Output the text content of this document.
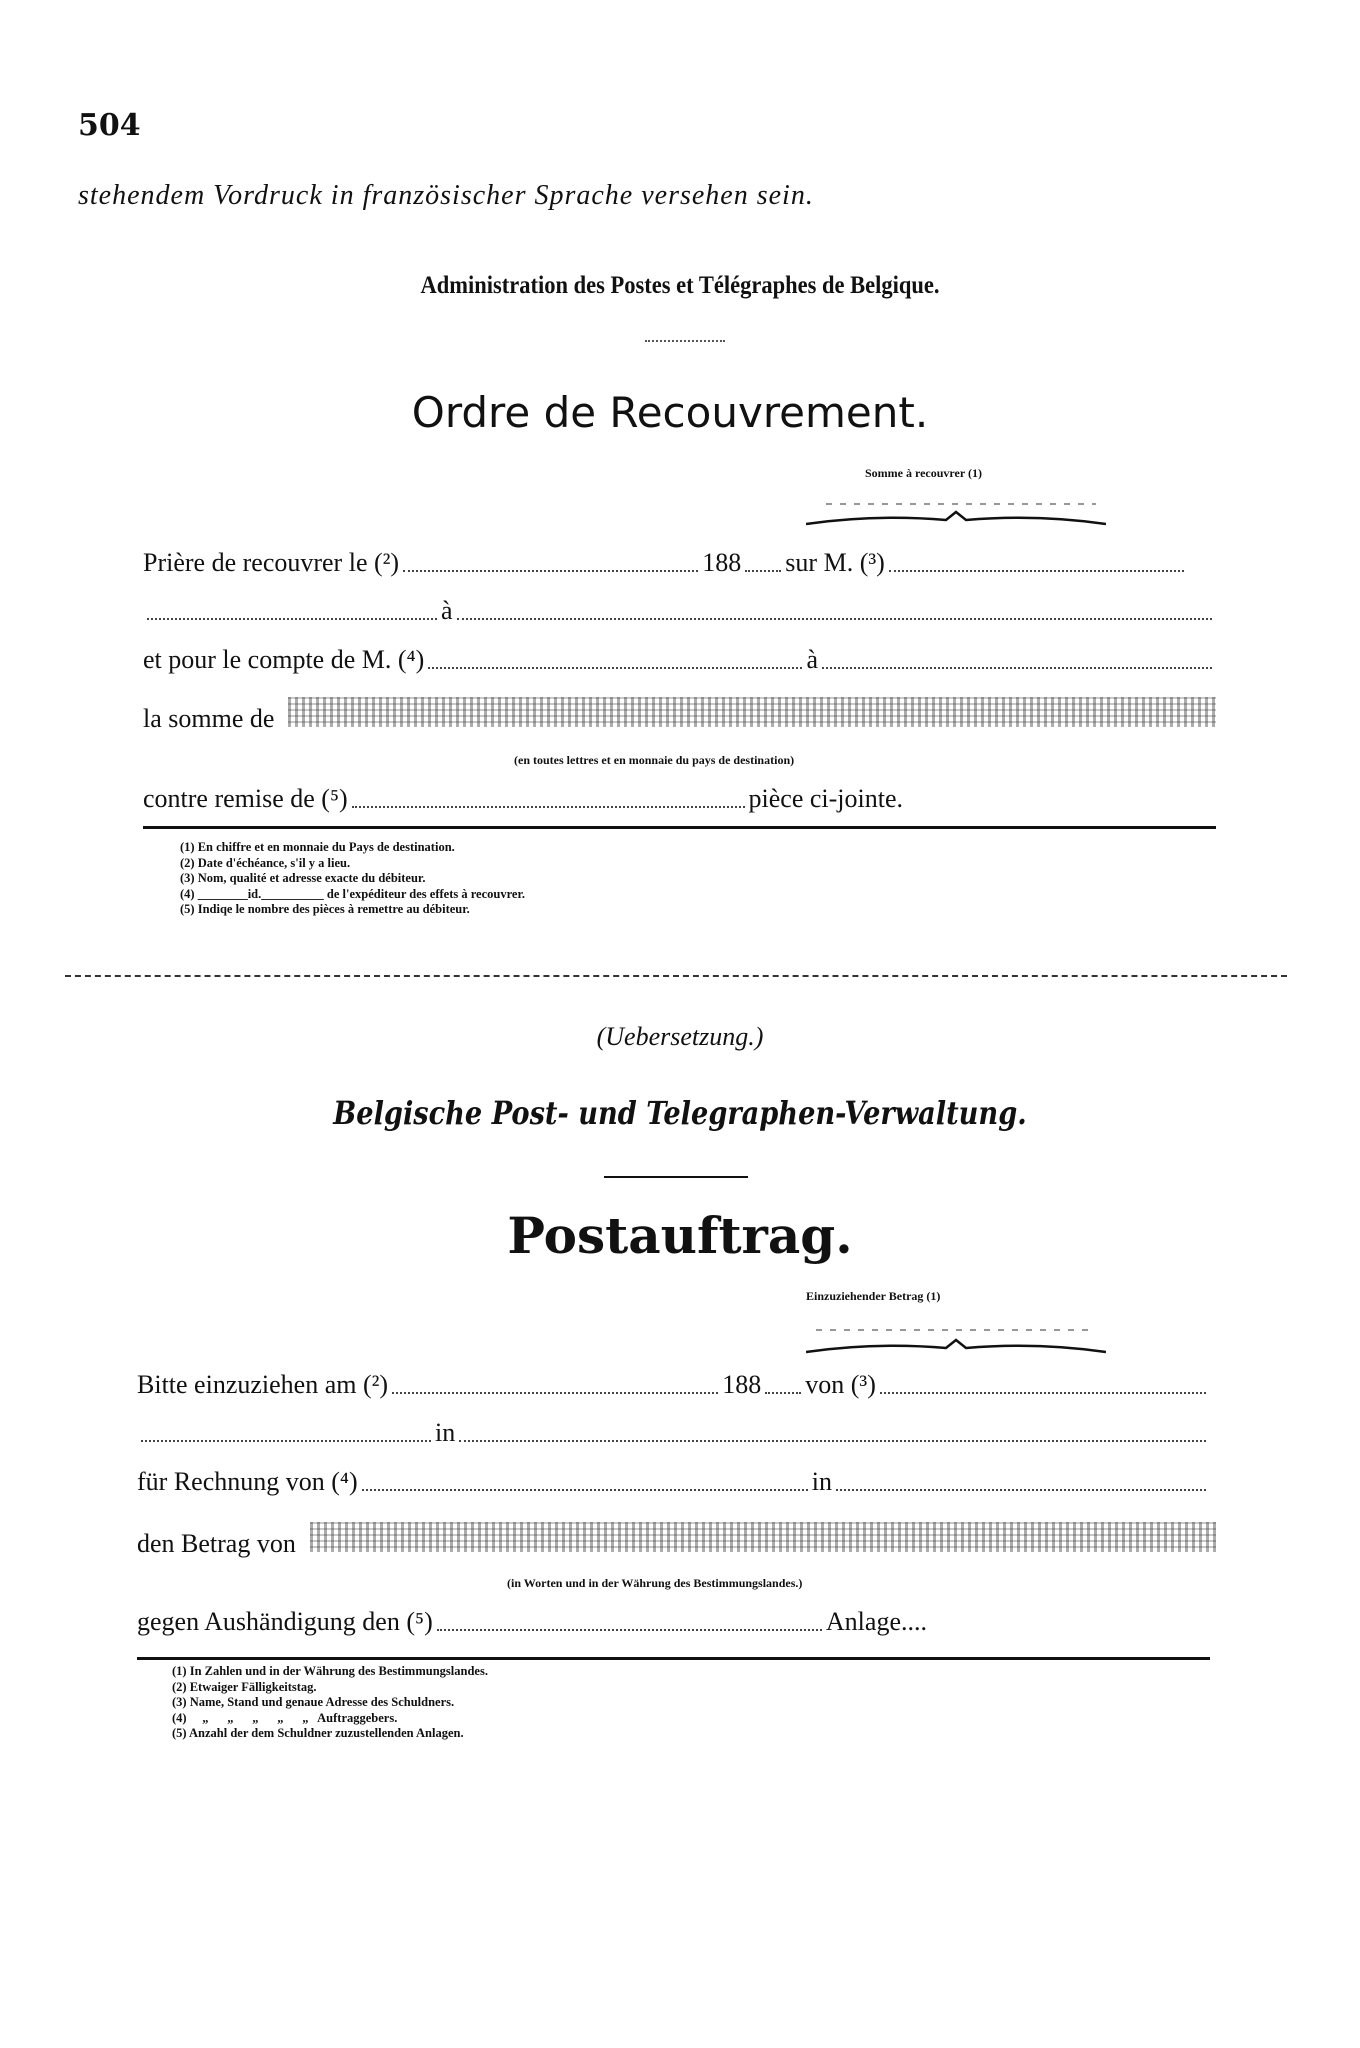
504
stehendem Vordruck in französischer Sprache versehen sein.
Administration des Postes et Télégraphes de Belgique.
Ordre de Recouvrement.
Somme à recouvrer (1)
Prière de recouvrer le (²)	188 sur M. (³)
à
et pour le compte de M. (⁴)	à
la somme de
(en toutes lettres et en monnaie du pays de destination)
contre remise de (⁵)	pièce ci-jointe.
(1) En chiffre et en monnaie du Pays de destination.
(2) Date d'échéance, s'il y a lieu.
(3) Nom, qualité et adresse exacte du débiteur.
(4) ________id.__________ de l'expéditeur des effets à recouvrer.
(5) Indiqe le nombre des pièces à remettre au débiteur.
(Uebersetzung.)
Belgische Post- und Telegraphen-Verwaltung.
Postauftrag.
Einzuziehender Betrag (1)
Bitte einzuziehen am (²)	188 von (³)
in
für Rechnung von (⁴)	in
den Betrag von
(in Worten und in der Währung des Bestimmungslandes.)
gegen Aushändigung den (⁵)	Anlage....
(1) In Zahlen und in der Währung des Bestimmungslandes.
(2) Etwaiger Fälligkeitstag.
(3) Name, Stand und genaue Adresse des Schuldners.
(4)     „      „      „      „      „   Auftraggebers.
(5) Anzahl der dem Schuldner zuzustellenden Anlagen.
